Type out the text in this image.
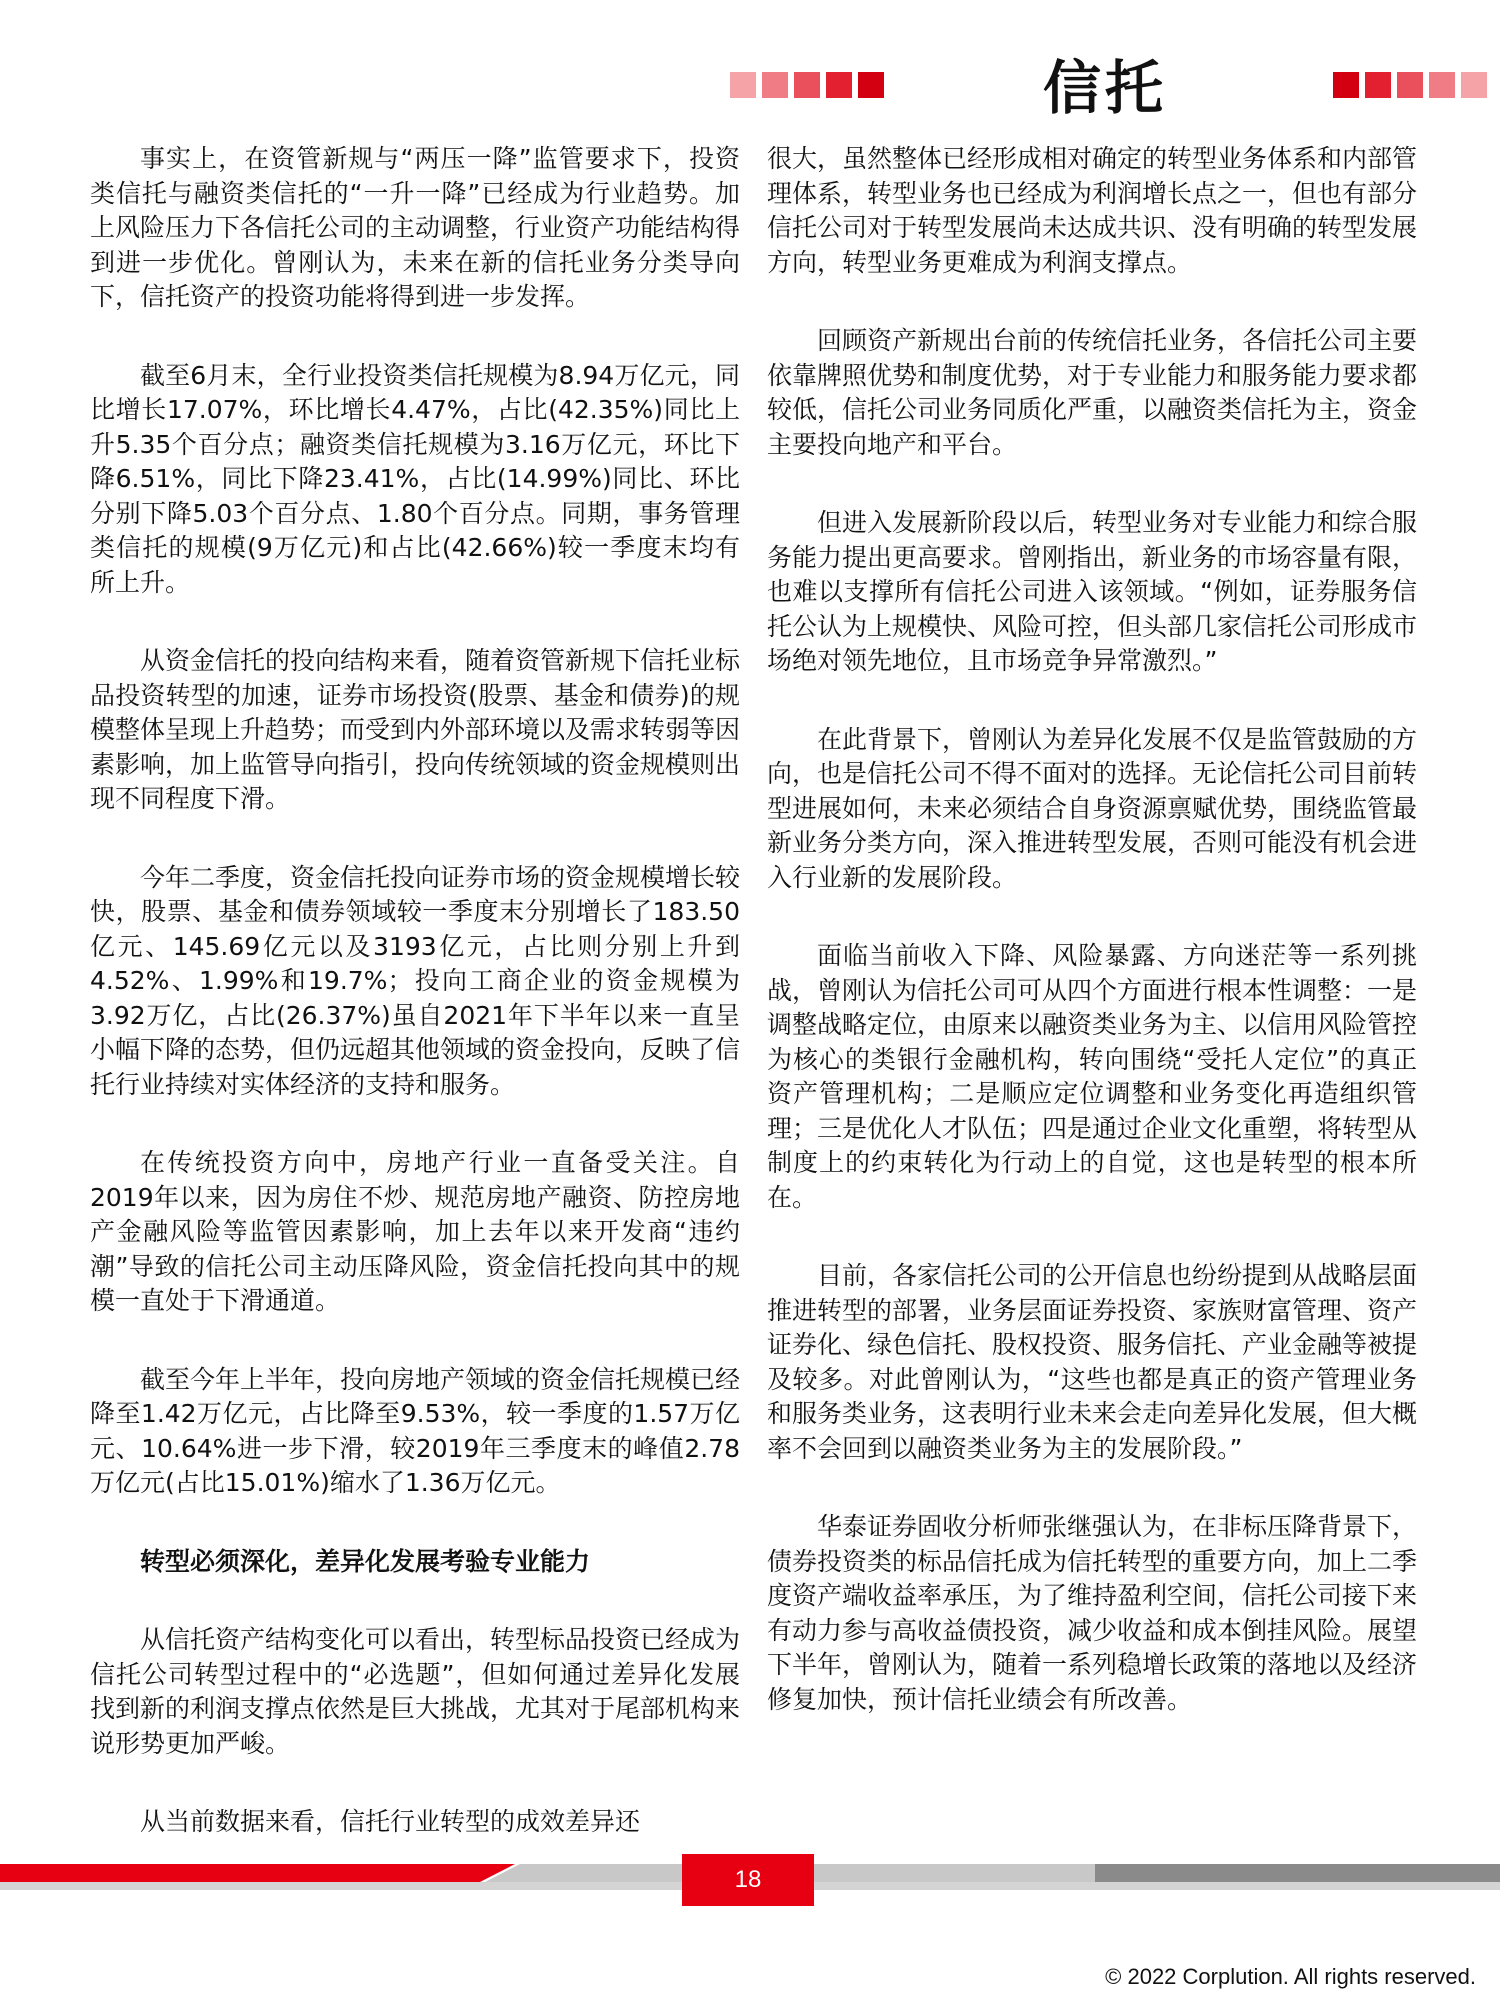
信托

事实上，在资管新规与“两压一降”监管要求下，投资类信托与融资类信托的“一升一降”已经成为行业趋势。加上风险压力下各信托公司的主动调整，行业资产功能结构得到进一步优化。曾刚认为，未来在新的信托业务分类导向下，信托资产的投资功能将得到进一步发挥。

截至6月末，全行业投资类信托规模为8.94万亿元，同比增长17.07%，环比增长4.47%，占比(42.35%)同比上升5.35个百分点；融资类信托规模为3.16万亿元，环比下降6.51%，同比下降23.41%，占比(14.99%)同比、环比分别下降5.03个百分点、1.80个百分点。同期，事务管理类信托的规模(9万亿元)和占比(42.66%)较一季度末均有所上升。

从资金信托的投向结构来看，随着资管新规下信托业标品投资转型的加速，证券市场投资(股票、基金和债券)的规模整体呈现上升趋势；而受到内外部环境以及需求转弱等因素影响，加上监管导向指引，投向传统领域的资金规模则出现不同程度下滑。

今年二季度，资金信托投向证券市场的资金规模增长较快，股票、基金和债券领域较一季度末分别增长了183.50亿元、145.69亿元以及3193亿元，占比则分别上升到4.52%、1.99%和19.7%；投向工商企业的资金规模为3.92万亿，占比(26.37%)虽自2021年下半年以来一直呈小幅下降的态势，但仍远超其他领域的资金投向，反映了信托行业持续对实体经济的支持和服务。

在传统投资方向中，房地产行业一直备受关注。自2019年以来，因为房住不炒、规范房地产融资、防控房地产金融风险等监管因素影响，加上去年以来开发商“违约潮”导致的信托公司主动压降风险，资金信托投向其中的规模一直处于下滑通道。

截至今年上半年，投向房地产领域的资金信托规模已经降至1.42万亿元，占比降至9.53%，较一季度的1.57万亿元、10.64%进一步下滑，较2019年三季度末的峰值2.78万亿元(占比15.01%)缩水了1.36万亿元。

转型必须深化，差异化发展考验专业能力

从信托资产结构变化可以看出，转型标品投资已经成为信托公司转型过程中的“必选题”，但如何通过差异化发展找到新的利润支撑点依然是巨大挑战，尤其对于尾部机构来说形势更加严峻。

从当前数据来看，信托行业转型的成效差异还

很大，虽然整体已经形成相对确定的转型业务体系和内部管理体系，转型业务也已经成为利润增长点之一，但也有部分信托公司对于转型发展尚未达成共识、没有明确的转型发展方向，转型业务更难成为利润支撑点。

回顾资产新规出台前的传统信托业务，各信托公司主要依靠牌照优势和制度优势，对于专业能力和服务能力要求都较低，信托公司业务同质化严重，以融资类信托为主，资金主要投向地产和平台。

但进入发展新阶段以后，转型业务对专业能力和综合服务能力提出更高要求。曾刚指出，新业务的市场容量有限，也难以支撑所有信托公司进入该领域。“例如，证券服务信托公认为上规模快、风险可控，但头部几家信托公司形成市场绝对领先地位，且市场竞争异常激烈。”

在此背景下，曾刚认为差异化发展不仅是监管鼓励的方向，也是信托公司不得不面对的选择。无论信托公司目前转型进展如何，未来必须结合自身资源禀赋优势，围绕监管最新业务分类方向，深入推进转型发展，否则可能没有机会进入行业新的发展阶段。

面临当前收入下降、风险暴露、方向迷茫等一系列挑战，曾刚认为信托公司可从四个方面进行根本性调整：一是调整战略定位，由原来以融资类业务为主、以信用风险管控为核心的类银行金融机构，转向围绕“受托人定位”的真正资产管理机构；二是顺应定位调整和业务变化再造组织管理；三是优化人才队伍；四是通过企业文化重塑，将转型从制度上的约束转化为行动上的自觉，这也是转型的根本所在。

目前，各家信托公司的公开信息也纷纷提到从战略层面推进转型的部署，业务层面证券投资、家族财富管理、资产证券化、绿色信托、股权投资、服务信托、产业金融等被提及较多。对此曾刚认为，“这些也都是真正的资产管理业务和服务类业务，这表明行业未来会走向差异化发展，但大概率不会回到以融资类业务为主的发展阶段。”

华泰证券固收分析师张继强认为，在非标压降背景下，债券投资类的标品信托成为信托转型的重要方向，加上二季度资产端收益率承压，为了维持盈利空间，信托公司接下来有动力参与高收益债投资，减少收益和成本倒挂风险。展望下半年，曾刚认为，随着一系列稳增长政策的落地以及经济修复加快，预计信托业绩会有所改善。

18
© 2022 Corplution. All rights reserved.
